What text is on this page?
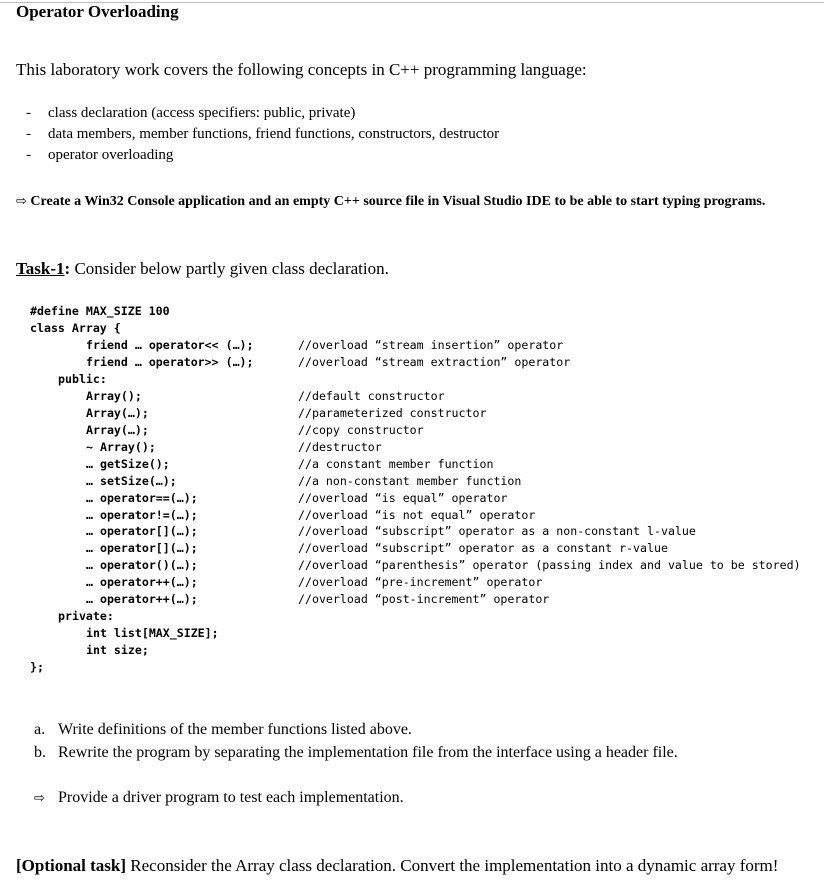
Operator Overloading
This laboratory work covers the following concepts in C++ programming language:
- class declaration (access specifiers: public, private)
- data members, member functions, friend functions, constructors, destructor
- operator overloading
⇨ Create a Win32 Console application and an empty C++ source file in Visual Studio IDE to be able to start typing programs.
Task-1: Consider below partly given class declaration.
#define MAX_SIZE 100
class Array {
friend … operator<< (…);
friend … operator>> (…);
public:
Array();
Array(…);
Array(…);
~ Array();
… getSize();
… setSize(…);
… operator==(…);
… operator!=(…);
… operator[](…);
… operator[](…);
… operator()(…);
… operator++(…);
… operator++(…);
private:
int list[MAX_SIZE];
int size;
};
//overload “stream insertion” operator
//overload “stream extraction” operator
//default constructor
//parameterized constructor
//copy constructor
//destructor
//a constant member function
//a non-constant member function
//overload “is equal” operator
//overload “is not equal” operator
//overload “subscript” operator as a non-constant l-value
//overload “subscript” operator as a constant r-value
//overload “parenthesis” operator (passing index and value to be stored)
//overload “pre-increment” operator
//overload “post-increment” operator
a. Write definitions of the member functions listed above.
b. Rewrite the program by separating the implementation file from the interface using a header file.
⇨ Provide a driver program to test each implementation.
[Optional task] Reconsider the Array class declaration. Convert the implementation into a dynamic array form!
